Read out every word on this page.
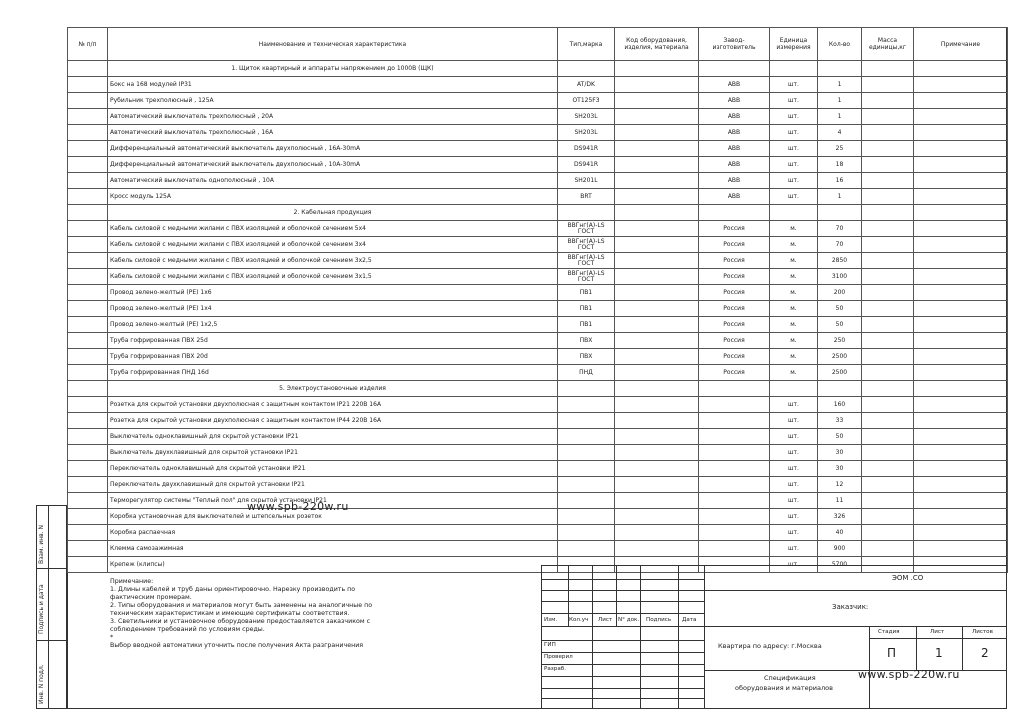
№ п/п	Наименование и техническая характеристика	Тип,марка	Код оборудования, изделия, материала	Завод- изготовитель	Единица измерения	Кол-во	Масса единицы,кг	Примечание
	1. Щиток квартирный и аппараты напряжением до 1000В (ЩК)							
	Бокс на 168 модулей IP31	AT/DK		ABB	шт.	1		
	Рубильник трехполюсный , 125А	OT125F3		ABB	шт.	1		
	Автоматический выключатель трехполюсный , 20А	SH203L		ABB	шт.	1		
	Автоматический выключатель трехполюсный , 16А	SH203L		ABB	шт.	4		
	Дифференциальный автоматический выключатель двухполюсный , 16А-30mA	DS941R		ABB	шт.	25		
	Дифференциальный автоматический выключатель двухполюсный , 10А-30mA	DS941R		ABB	шт.	18		
	Автоматический выключатель однополюсный , 10А	SH201L		ABB	шт.	16		
	Кросс модуль 125А	BRT		ABB	шт.	1		
	2. Кабельная продукция							
	Кабель силовой с медными жилами с ПВХ изоляцией и оболочкой сечением 5x4	ВВГнг(А)-LS ГОСТ		Россия	м.	70		
	Кабель силовой с медными жилами с ПВХ изоляцией и оболочкой сечением 3x4	ВВГнг(А)-LS ГОСТ		Россия	м.	70		
	Кабель силовой с медными жилами с ПВХ изоляцией и оболочкой сечением 3x2,5	ВВГнг(А)-LS ГОСТ		Россия	м.	2850		
	Кабель силовой с медными жилами с ПВХ изоляцией и оболочкой сечением 3x1,5	ВВГнг(А)-LS ГОСТ		Россия	м.	3100		
	Провод зелено-желтый (PE) 1x6	ПВ1		Россия	м.	200		
	Провод зелено-желтый (PE) 1x4	ПВ1		Россия	м.	50		
	Провод зелено-желтый (PE) 1x2,5	ПВ1		Россия	м.	50		
	Труба гофрированная ПВХ 25d	ПВХ		Россия	м.	250		
	Труба гофрированная ПВХ 20d	ПВХ		Россия	м.	2500		
	Труба гофрированная ПНД 16d	ПНД		Россия	м.	2500		
	5. Электроустановочные изделия							
	Розетка для скрытой установки двухполюсная с защитным контактом IP21 220В 16А				шт.	160		
	Розетка для скрытой установки двухполюсная с защитным контактом IP44 220В 16А				шт.	33		
	Выключатель одноклавишный для скрытой установки IP21				шт.	50		
	Выключатель двухклавишный для скрытой установки IP21				шт.	30		
	Переключатель одноклавишный для скрытой установки IP21				шт.	30		
	Переключатель двухклавишный для скрытой установки IP21				шт.	12		
	Терморегулятор системы "Теплый пол" для скрытой установки IP21				шт.	11		
	Коробка установочная для выключателей и штепсельных розеток				шт.	326		
	Коробка распаечная				шт.	40		
	Клемма самозажимная				шт.	900		
	Крепеж (клипсы)				шт.	5700		
Взам. инв. N
Подпись и дата
Инв. N подл.
Примечание:
1. Длины кабелей и труб даны ориентировочно. Нарезку производить по
фактическим промерам.
2. Типы оборудования и материалов могут быть заменены на аналогичные по
техническим характеристикам и имеющие сертификаты соответствия.
3. Светильники и установочное оборудование предоставляется заказчиком с
соблюдением требований по условиям среды.
*
Выбор вводной автоматики уточнить после получения Акта разграничения
Изм. Кол.уч Лист N° док. Подпись Дата
ГИП
Проверил
Разраб.
ЭОМ .СО
Заказчик:
Квартира по адресу: г.Москва
Стадия	Лист	Листов
П	1	2
Спецификация
оборудования и материалов
www.spb-220w.ru
www.spb-220w.ru
